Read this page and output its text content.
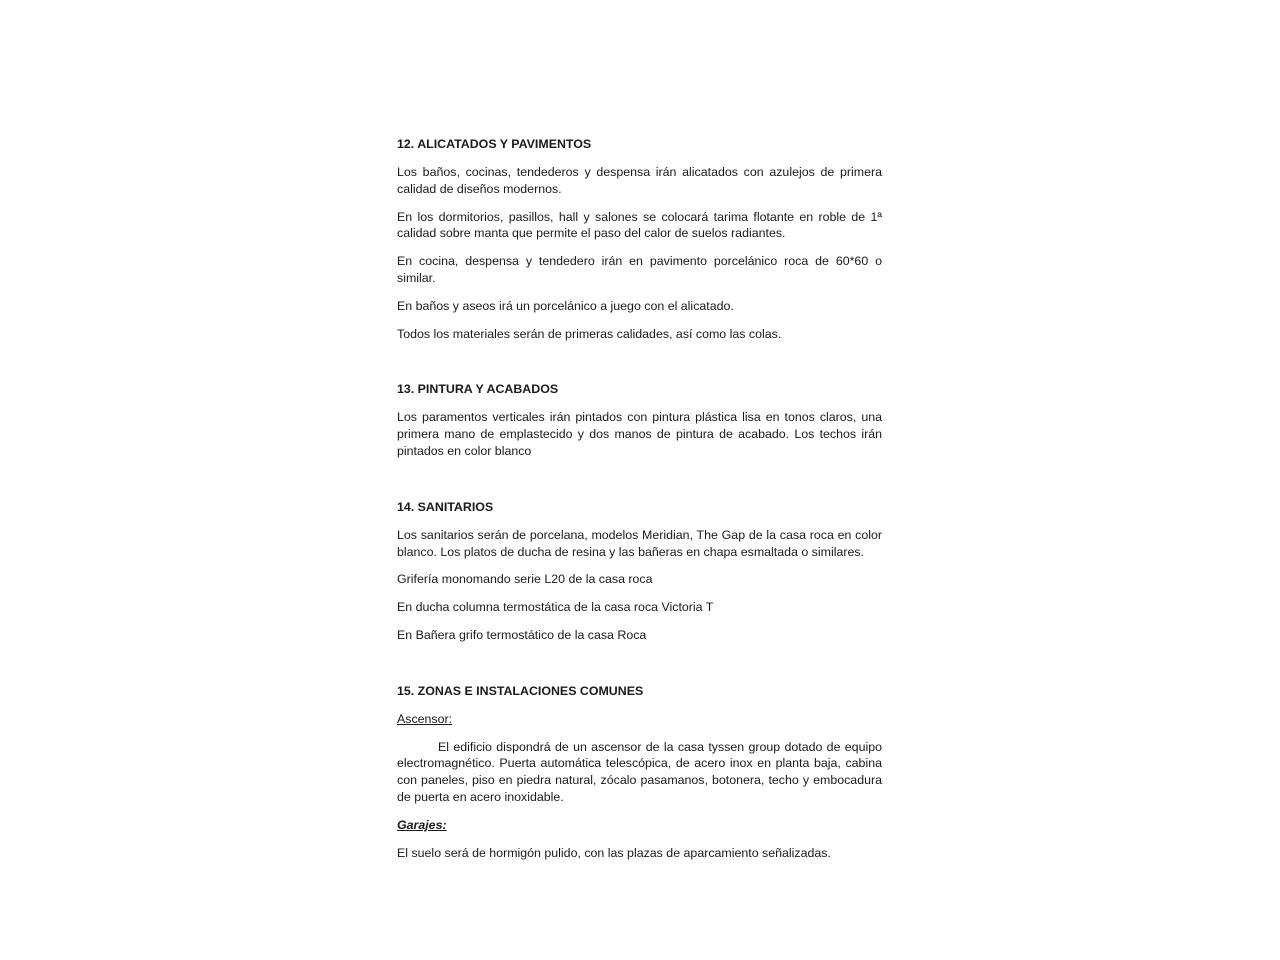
12. ALICATADOS Y PAVIMENTOS
Los baños, cocinas, tendederos y despensa irán alicatados con azulejos de primera calidad de diseños modernos.
En los dormitorios, pasillos, hall y salones se colocará tarima flotante en roble de 1ª calidad sobre manta que permite el paso del calor de suelos radiantes.
En cocina, despensa y tendedero irán en pavimento porcelánico roca de 60*60 o similar.
En baños y aseos irá un porcelánico a juego con el alicatado.
Todos los materiales serán de primeras calidades, así como las colas.
13. PINTURA Y ACABADOS
Los paramentos verticales irán pintados con pintura plástica lisa en tonos claros, una primera mano de emplastecido y dos manos de pintura de acabado. Los techos irán pintados en color blanco
14. SANITARIOS
Los sanitarios serán de porcelana, modelos Meridian, The Gap de la casa roca en color blanco. Los platos de ducha de resina y las bañeras en chapa esmaltada o similares.
Grifería monomando serie L20 de la casa roca
En ducha columna termostática de la casa roca Victoria T
En Bañera grifo termostático de la casa Roca
15. ZONAS E INSTALACIONES COMUNES
Ascensor:
El edificio dispondrá de un ascensor de la casa tyssen group dotado de equipo electromagnético. Puerta automática telescópica, de acero inox en planta baja, cabina con paneles, piso en piedra natural, zócalo pasamanos, botonera, techo y embocadura de puerta en acero inoxidable.
Garajes:
El suelo será de hormigón pulido, con las plazas de aparcamiento señalizadas.
